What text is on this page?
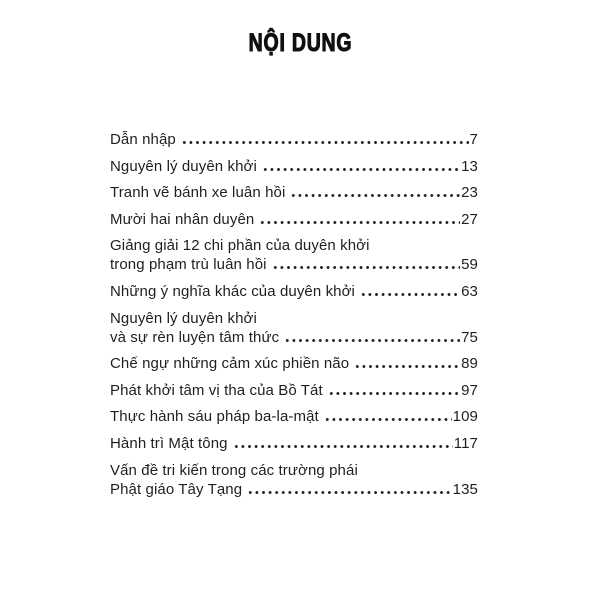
NỘI DUNG
Dẫn nhập	7
Nguyên lý duyên khởi	13
Tranh vẽ bánh xe luân hồi	23
Mười hai nhân duyên	27
Giảng giải 12 chi phần của duyên khởi
trong phạm trù luân hồi	59
Những ý nghĩa khác của duyên khởi	63
Nguyên lý duyên khởi
và sự rèn luyện tâm thức	75
Chế ngự những cảm xúc phiền não	89
Phát khởi tâm vị tha của Bồ Tát	97
Thực hành sáu pháp ba-la-mật	109
Hành trì Mật tông	117
Vấn đề tri kiến trong các trường phái
Phật giáo Tây Tạng	135
